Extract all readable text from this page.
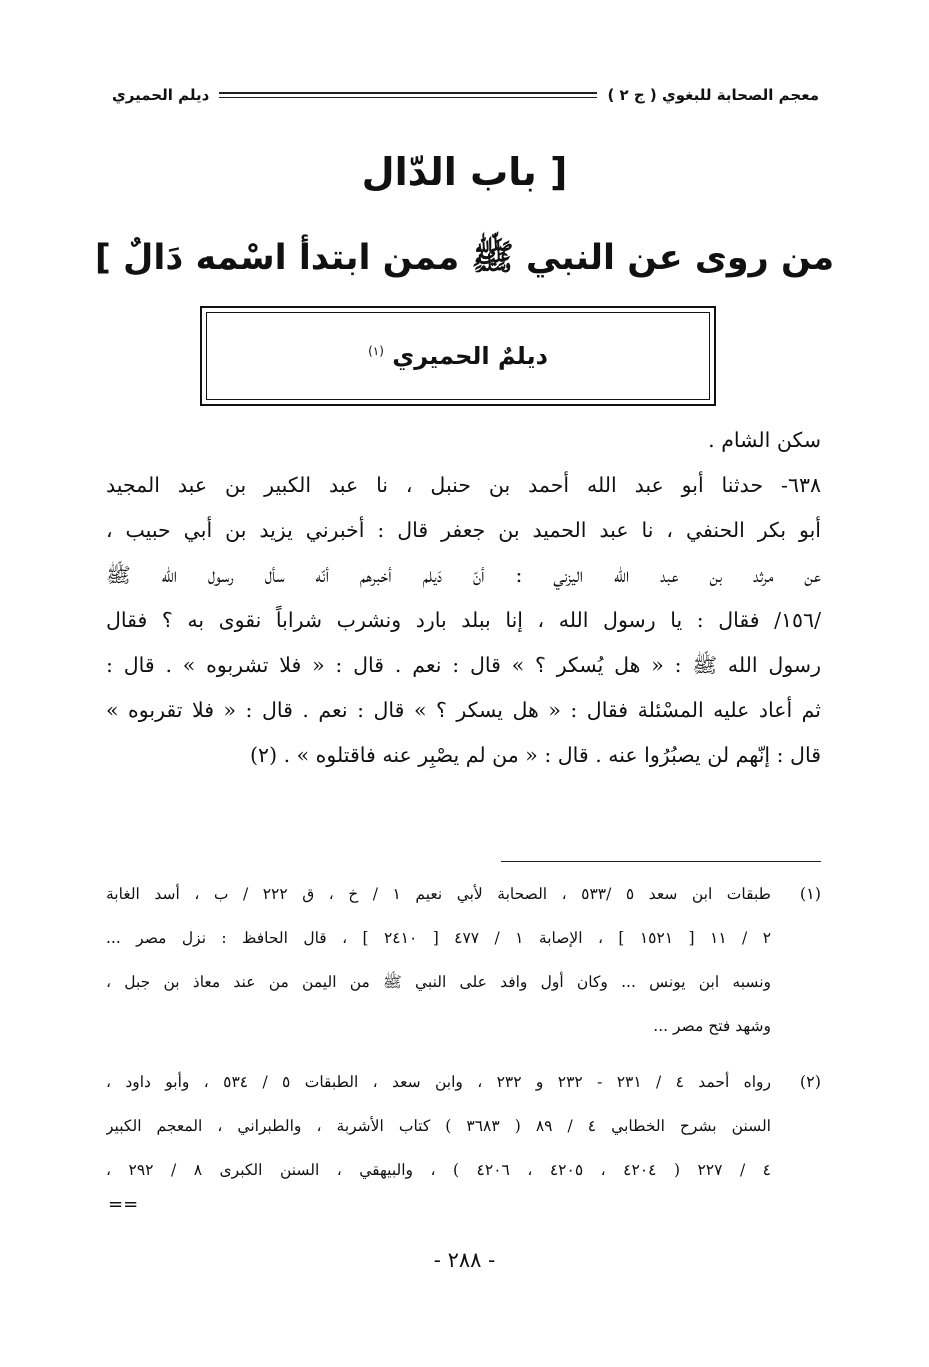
معجم الصحابة للبغوي ( ج ٢ )
ديلم الحميري
[ باب الدّال
من روى عن النبي ﷺ ممن ابتدأ اسْمه دَالٌ ]
ديلمٌ الحميري $^{(١)}$
سكن الشام .
٦٣٨- حدثنا أبو عبد الله أحمد بن حنبل ، نا عبد الكبير بن عبد المجيد
أبو بكر الحنفي ، نا عبد الحميد بن جعفر قال : أخبرني يزيد بن أبي حبيب ،
عن مرثد بن عبد الله اليزني : أنّ دَيلم أخبرهم أنّه سأل رسول الله ﷺ
/١٥٦/ فقال : يا رسول الله ، إنا ببلد بارد ونشرب شراباً نقوى به ؟ فقال
رسول الله ﷺ : « هل يُسكر ؟ » قال : نعم . قال : « فلا تشربوه » . قال :
ثم أعاد عليه المسْئلة فقال : « هل يسكر ؟ » قال : نعم . قال : « فلا تقربوه »
قال : إنّهم لن يصبُرُوا عنه . قال : « من لم يصْبِر عنه فاقتلوه » . (٢)
(١)
طبقات ابن سعد ٥ /٥٣٣ ، الصحابة لأبي نعيم ١ / خ ، ق ٢٢٢ / ب ، أسد الغابة
٢ / ١١ [ ١٥٢١ ] ، الإصابة ١ / ٤٧٧ [ ٢٤١٠ ] ، قال الحافظ : نزل مصر ...
ونسبه ابن يونس ... وكان أول وافد على النبي ﷺ من اليمن من عند معاذ بن جبل ،
وشهد فتح مصر ...
(٢)
رواه أحمد ٤ / ٢٣١ - ٢٣٢ و ٢٣٢ ، وابن سعد ، الطبقات ٥ / ٥٣٤ ، وأبو داود ،
السنن بشرح الخطابي ٤ / ٨٩ ( ٣٦٨٣ ) كتاب الأشربة ، والطبراني ، المعجم الكبير
٤ / ٢٢٧ ( ٤٢٠٤ ، ٤٢٠٥ ، ٤٢٠٦ ) ، والبيهقي ، السنن الكبرى ٨ / ٢٩٢ ،
==
- ٢٨٨ -
